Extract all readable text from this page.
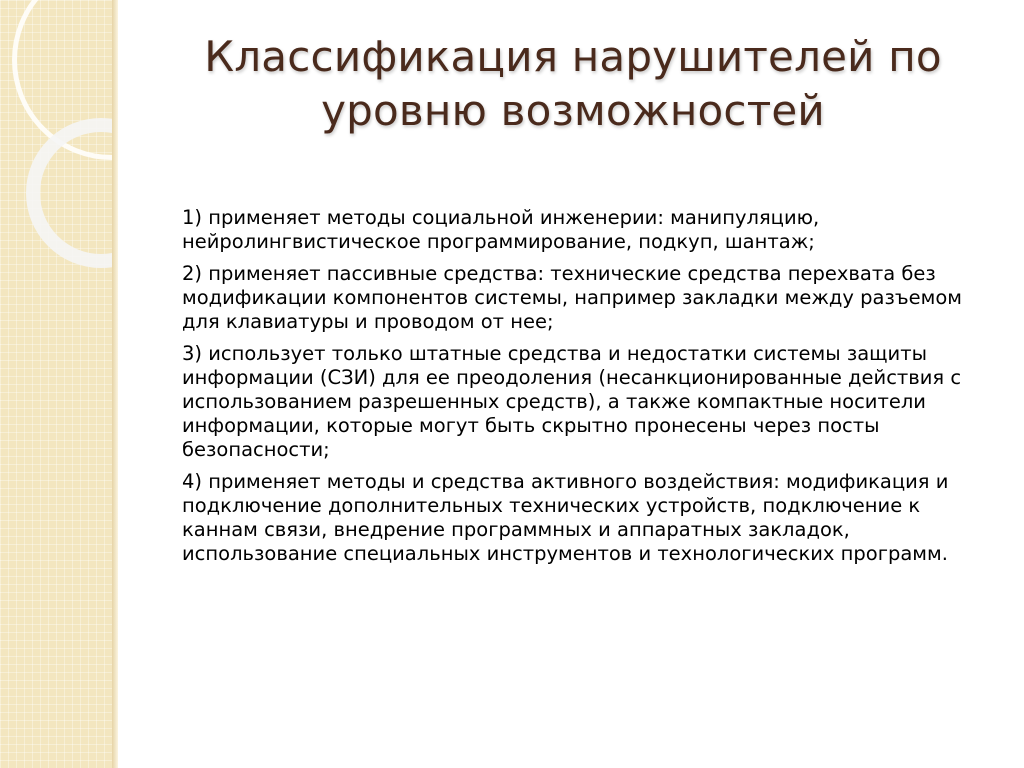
Классификация нарушителей по
уровню возможностей

1) применяет методы социальной инженерии: манипуляцию, нейролингвистическое программирование, подкуп, шантаж;

2) применяет пассивные средства: технические средства перехвата без модификации компонентов системы, например закладки между разъемом для клавиатуры и проводом от нее;

3) использует только штатные средства и недостатки системы защиты информации (СЗИ) для ее преодоления (несанкционированные действия с использованием разрешенных средств), а также компактные носители информации, которые могут быть скрытно пронесены через посты безопасности;

4) применяет методы и средства активного воздействия: модификация и подключение дополнительных технических устройств, подключение к каннам связи, внедрение программных и аппаратных закладок, использование специальных инструментов и технологических программ.
